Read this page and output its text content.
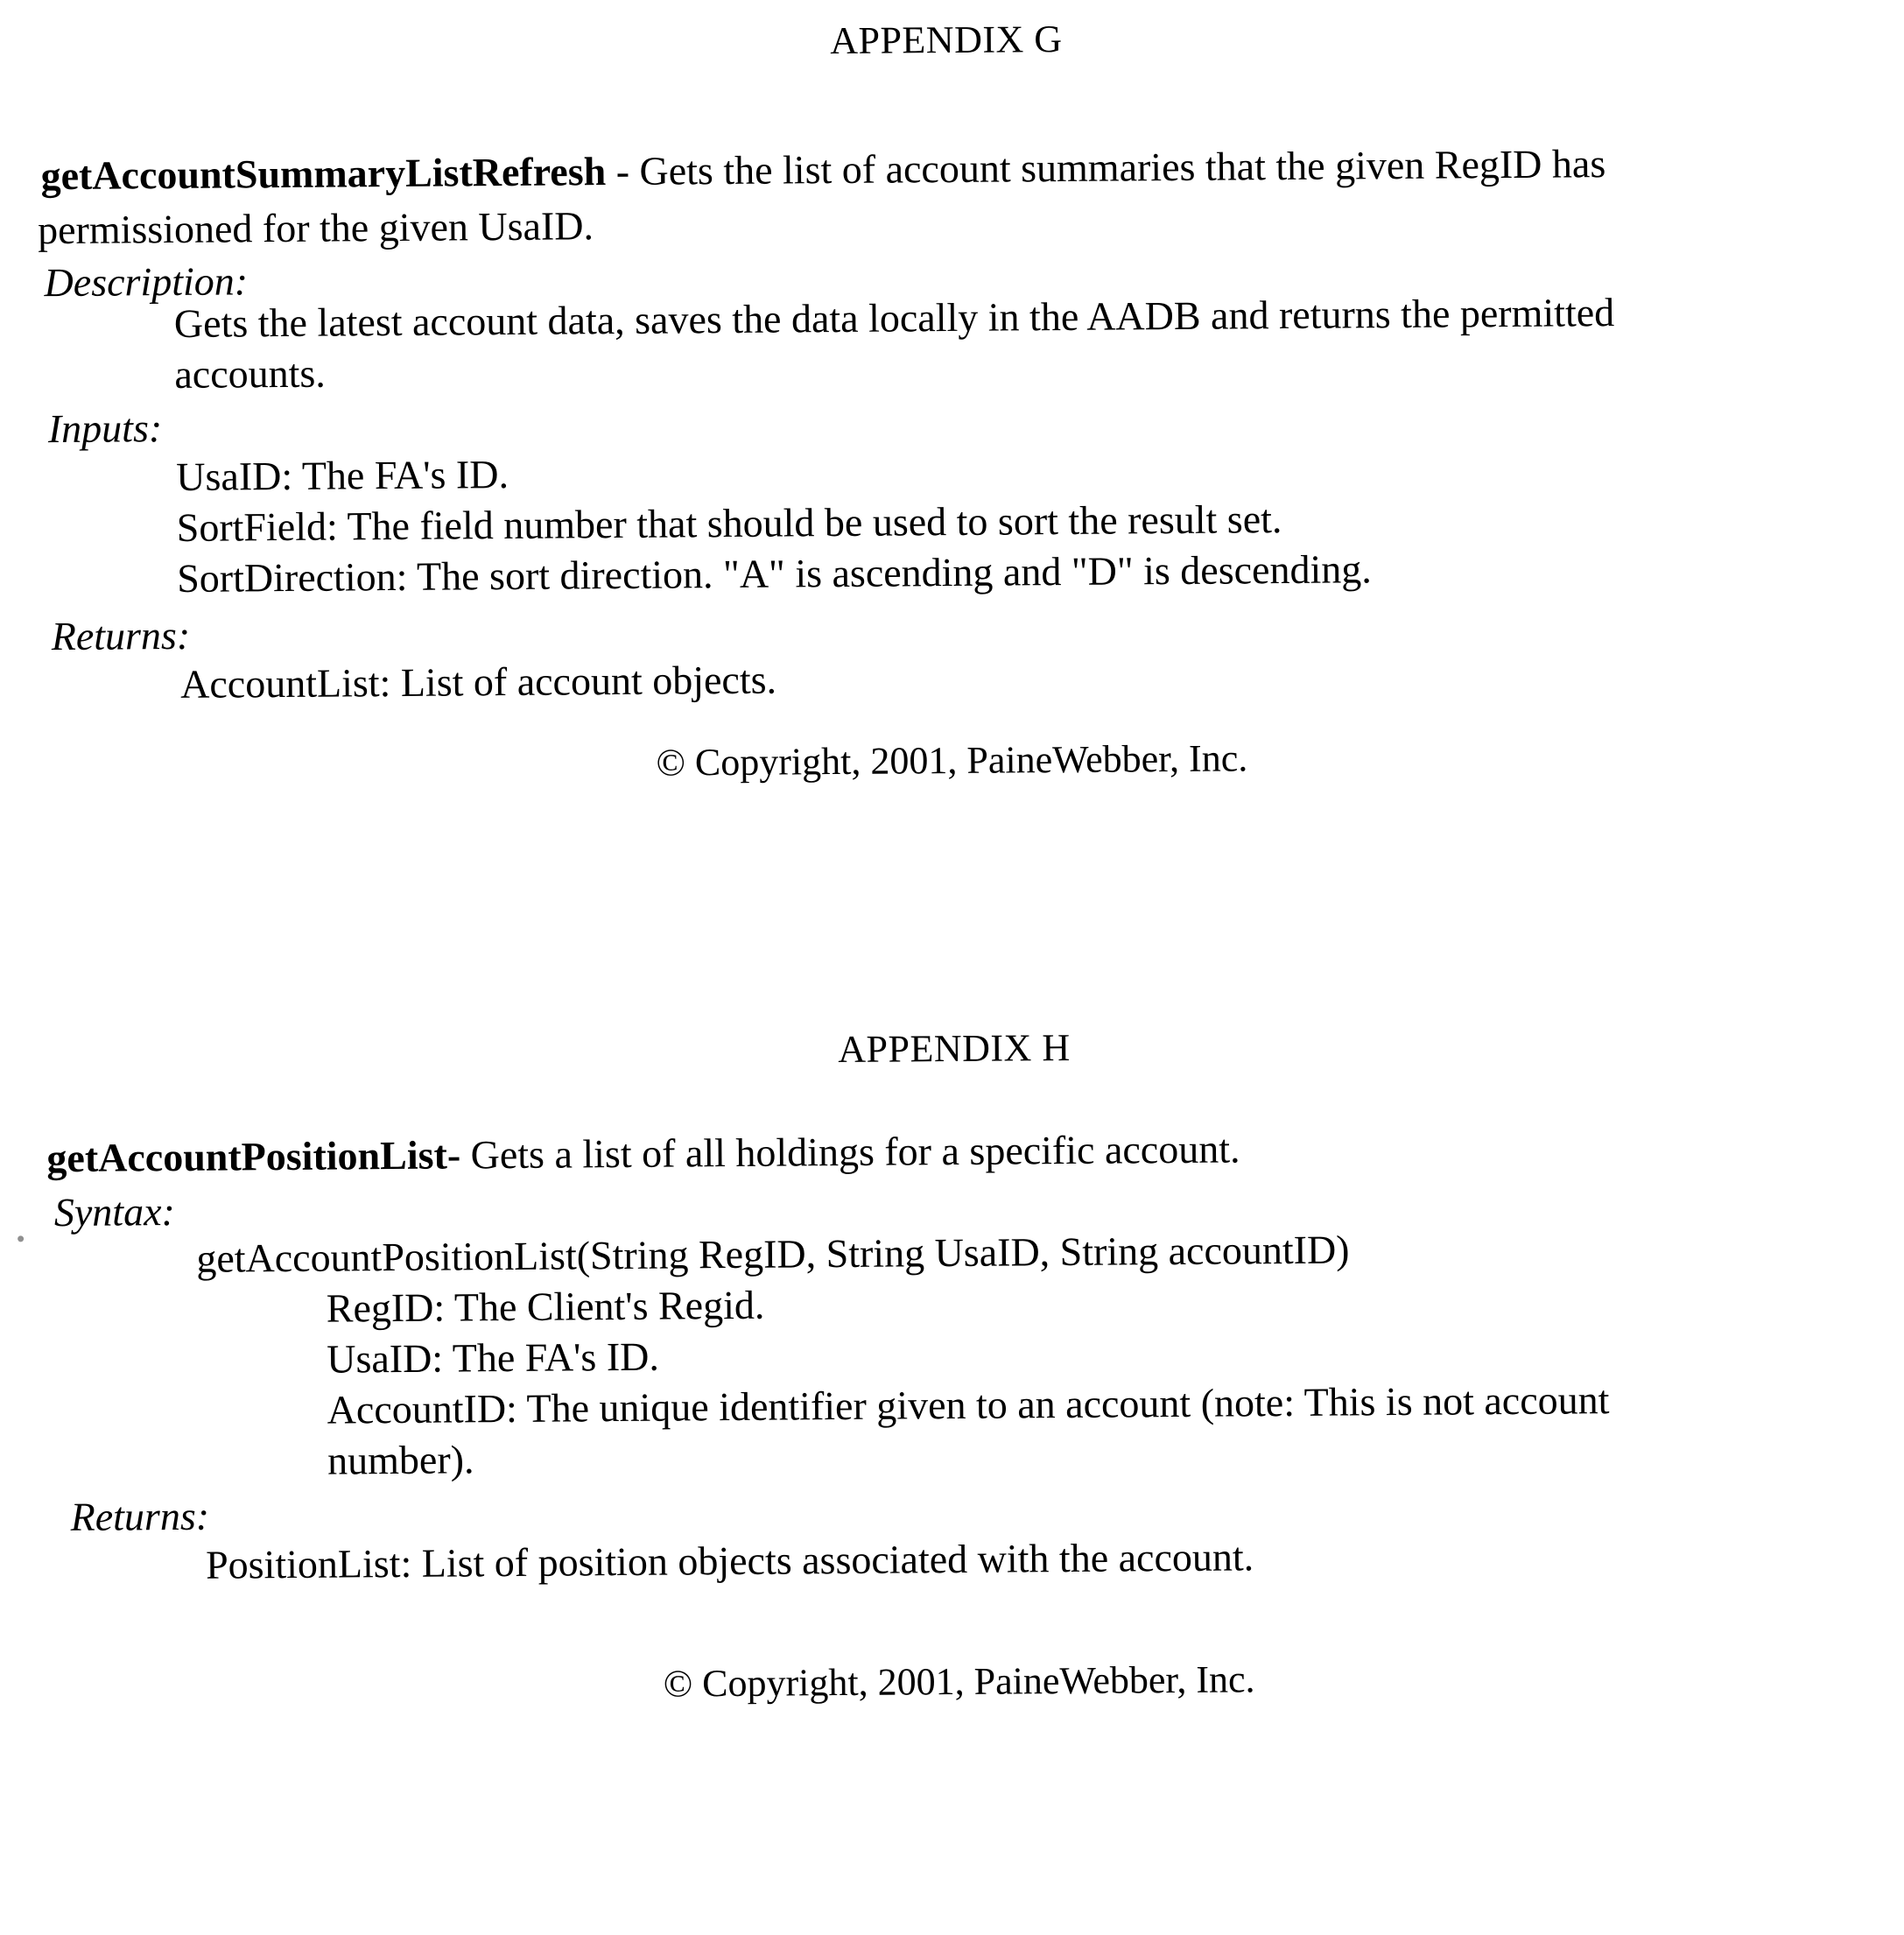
APPENDIX G
getAccountSummaryListRefresh - Gets the list of account summaries that the given RegID has
permissioned for the given UsaID.
Description:
Gets the latest account data, saves the data locally in the AADB and returns the permitted
accounts.
Inputs:
UsaID: The FA's ID.
SortField: The field number that should be used to sort the result set.
SortDirection: The sort direction. "A" is ascending and "D" is descending.
Returns:
AccountList: List of account objects.
© Copyright, 2001, PaineWebber, Inc.
APPENDIX H
getAccountPositionList- Gets a list of all holdings for a specific account.
Syntax:
getAccountPositionList(String RegID, String UsaID, String accountID)
RegID: The Client's Regid.
UsaID: The FA's ID.
AccountID: The unique identifier given to an account (note: This is not account
number).
Returns:
PositionList: List of position objects associated with the account.
© Copyright, 2001, PaineWebber, Inc.
